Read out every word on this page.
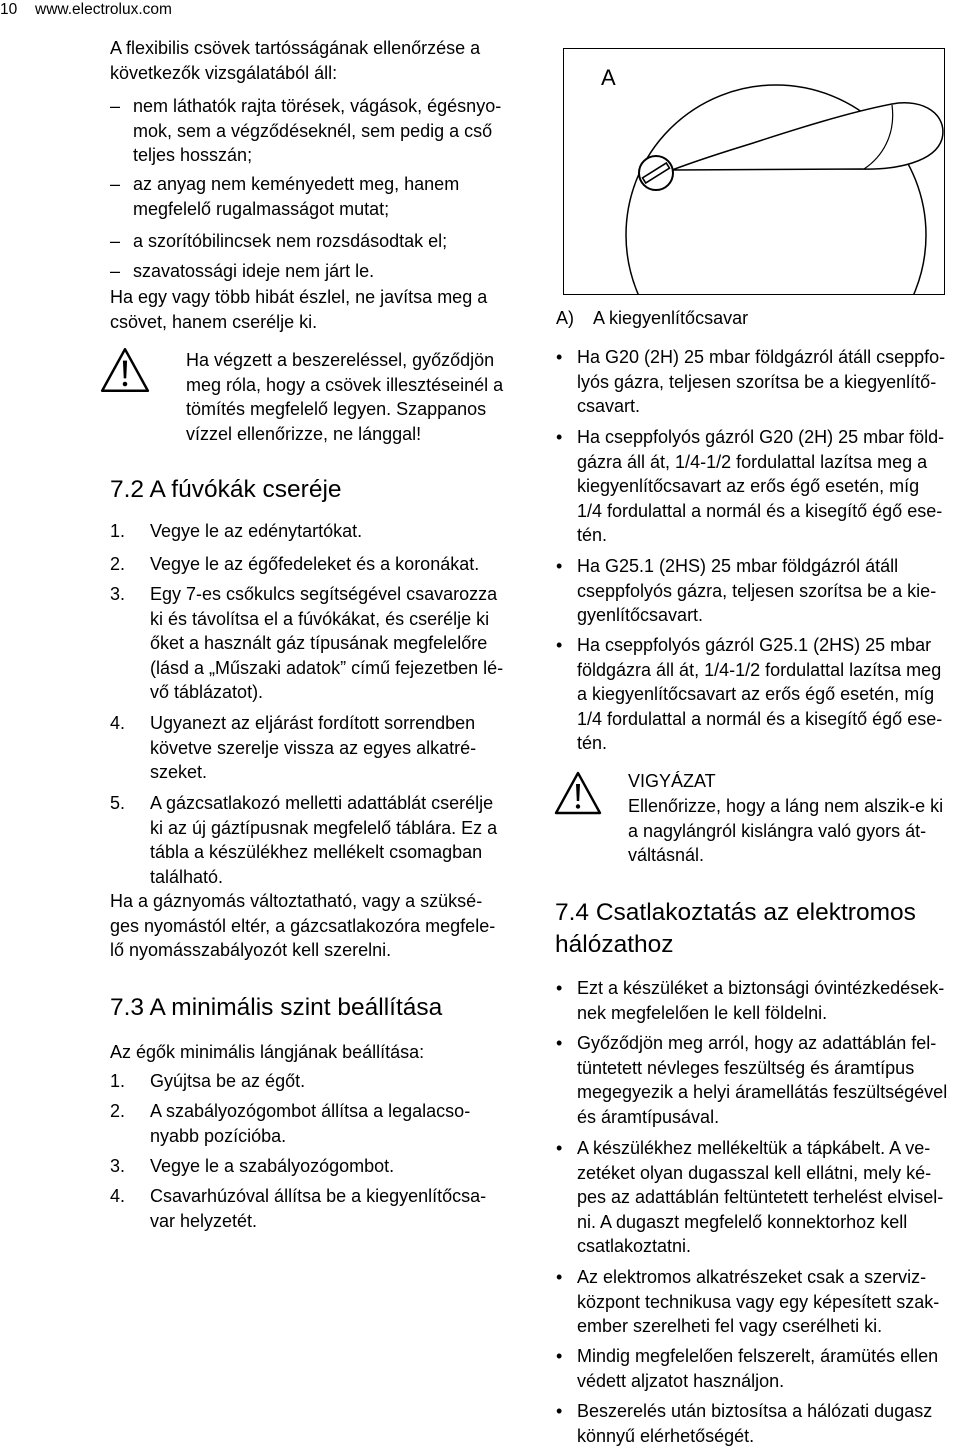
10 www.electrolux.com
A flexibilis csövek tartósságának ellenőrzése a
következők vizsgálatából áll:
– nem láthatók rajta törések, vágások, égésnyo-
mok, sem a végződéseknél, sem pedig a cső
teljes hosszán;
– az anyag nem keményedett meg, hanem
megfelelő rugalmasságot mutat;
– a szorítóbilincsek nem rozsdásodtak el;
– szavatossági ideje nem járt le.
Ha egy vagy több hibát észlel, ne javítsa meg a
csövet, hanem cserélje ki.
Ha végzett a beszereléssel, győződjön
meg róla, hogy a csövek illesztéseinél a
tömítés megfelelő legyen. Szappanos
vízzel ellenőrizze, ne lánggal!
7.2 A fúvókák cseréje
1.	Vegye le az edénytartókat.
2.	Vegye le az égőfedeleket és a koronákat.
3.	Egy 7-es csőkulcs segítségével csavarozza
ki és távolítsa el a fúvókákat, és cserélje ki
őket a használt gáz típusának megfelelőre
(lásd a „Műszaki adatok” című fejezetben lé-
vő táblázatot).
4.	Ugyanezt az eljárást fordított sorrendben
követve szerelje vissza az egyes alkatré-
szeket.
5.	A gázcsatlakozó melletti adattáblát cserélje
ki az új gáztípusnak megfelelő táblára. Ez a
tábla a készülékhez mellékelt csomagban
található.
Ha a gáznyomás változtatható, vagy a szüksé-
ges nyomástól eltér, a gázcsatlakozóra megfele-
lő nyomásszabályozót kell szerelni.
7.3 A minimális szint beállítása
Az égők minimális lángjának beállítása:
1.	Gyújtsa be az égőt.
2.	A szabályozógombot állítsa a legalacso-
nyabb pozícióba.
3.	Vegye le a szabályozógombot.
4.	Csavarhúzóval állítsa be a kiegyenlítőcsa-
var helyzetét.
A
A)	A kiegyenlítőcsavar
• Ha G20 (2H) 25 mbar földgázról átáll cseppfo-
lyós gázra, teljesen szorítsa be a kiegyenlítő-
csavart.
• Ha cseppfolyós gázról G20 (2H) 25 mbar föld-
gázra áll át, 1/4-1/2 fordulattal lazítsa meg a
kiegyenlítőcsavart az erős égő esetén, míg
1/4 fordulattal a normál és a kisegítő égő ese-
tén.
• Ha G25.1 (2HS) 25 mbar földgázról átáll
cseppfolyós gázra, teljesen szorítsa be a kie-
gyenlítőcsavart.
• Ha cseppfolyós gázról G25.1 (2HS) 25 mbar
földgázra áll át, 1/4-1/2 fordulattal lazítsa meg
a kiegyenlítőcsavart az erős égő esetén, míg
1/4 fordulattal a normál és a kisegítő égő ese-
tén.
VIGYÁZAT
Ellenőrizze, hogy a láng nem alszik-e ki
a nagylángról kislángra való gyors át-
váltásnál.
7.4 Csatlakoztatás az elektromos
hálózathoz
• Ezt a készüléket a biztonsági óvintézkedések-
nek megfelelően le kell földelni.
• Győződjön meg arról, hogy az adattáblán fel-
tüntetett névleges feszültség és áramtípus
megegyezik a helyi áramellátás feszültségével
és áramtípusával.
• A készülékhez mellékeltük a tápkábelt. A ve-
zetéket olyan dugasszal kell ellátni, mely ké-
pes az adattáblán feltüntetett terhelést elvisel-
ni. A dugaszt megfelelő konnektorhoz kell
csatlakoztatni.
• Az elektromos alkatrészeket csak a szerviz-
központ technikusa vagy egy képesített szak-
ember szerelheti fel vagy cserélheti ki.
• Mindig megfelelően felszerelt, áramütés ellen
védett aljzatot használjon.
• Beszerelés után biztosítsa a hálózati dugasz
könnyű elérhetőségét.
